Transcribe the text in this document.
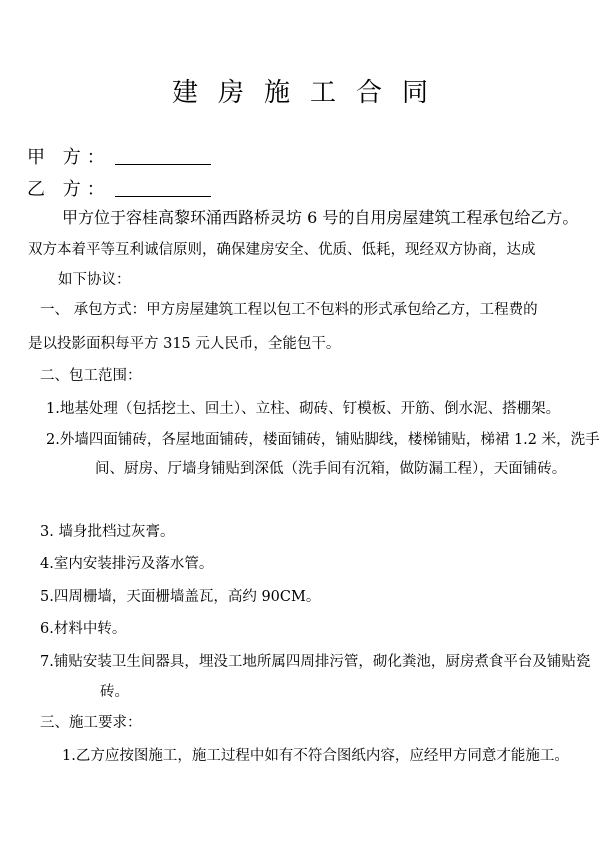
建房施工合同
甲 方：
乙 方：
甲方位于容桂高黎环涌西路桥灵坊 6 号的自用房屋建筑工程承包给乙方。
双方本着平等互利诚信原则，确保建房安全、优质、低耗，现经双方协商，达成
如下协议：
一、 承包方式：甲方房屋建筑工程以包工不包料的形式承包给乙方，工程费的
是以投影面积每平方 315 元人民币，全能包干。
二、包工范围：
1.地基处理（包括挖土、回土）、立柱、砌砖、钉模板、开筋、倒水泥、搭棚架。
2.外墙四面铺砖，各屋地面铺砖，楼面铺砖，铺贴脚线，楼梯铺贴，梯裙 1.2 米，洗手
间、厨房、厅墙身铺贴到深低（洗手间有沉箱，做防漏工程），天面铺砖。
3. 墙身批档过灰膏。
4.室内安装排污及落水管。
5.四周栅墙，天面栅墙盖瓦，高约 90CM。
6.材料中转。
7.铺贴安装卫生间器具，埋没工地所属四周排污管，砌化粪池，厨房煮食平台及铺贴瓷
砖。
三、施工要求：
1.乙方应按图施工，施工过程中如有不符合图纸内容，应经甲方同意才能施工。
